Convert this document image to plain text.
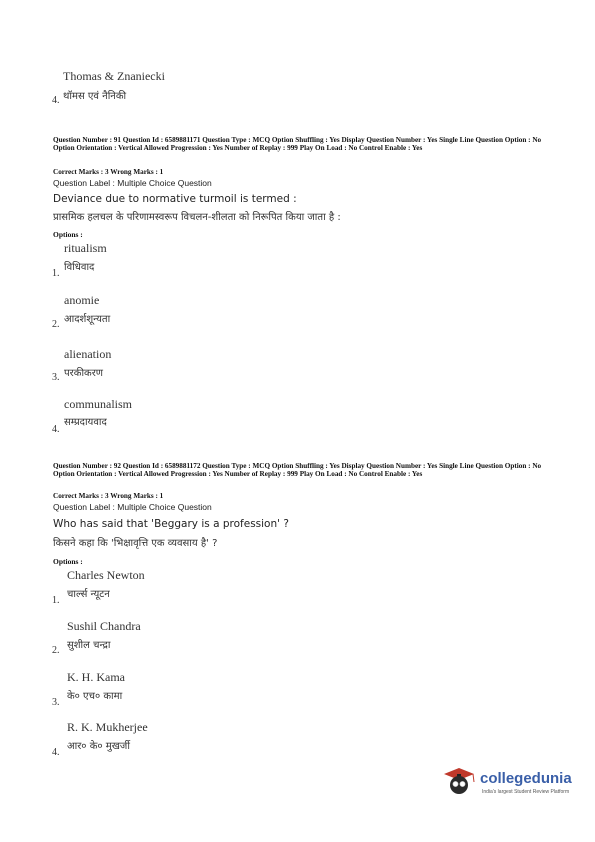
Thomas & Znaniecki
थॉमस एवं नैनिकी
4.
Question Number : 91 Question Id : 6589881171 Question Type : MCQ Option Shuffling : Yes Display Question Number : Yes Single Line Question Option : No Option Orientation : Vertical Allowed Progression : Yes Number of Replay : 999 Play On Load : No Control Enable : Yes
Correct Marks : 3 Wrong Marks : 1
Question Label : Multiple Choice Question
Deviance due to normative turmoil is termed :
प्रासमिक हलचल के परिणामस्वरूप विचलन-शीलता को निरूपित किया जाता है :
Options :
ritualism
विधिवाद
1.
anomie
आदर्शशून्यता
2.
alienation
परकीकरण
3.
communalism
सम्प्रदायवाद
4.
Question Number : 92 Question Id : 6589881172 Question Type : MCQ Option Shuffling : Yes Display Question Number : Yes Single Line Question Option : No Option Orientation : Vertical Allowed Progression : Yes Number of Replay : 999 Play On Load : No Control Enable : Yes
Correct Marks : 3 Wrong Marks : 1
Question Label : Multiple Choice Question
Who has said that 'Beggary is a profession' ?
किसने कहा कि 'भिक्षावृत्ति एक व्यवसाय है' ?
Options :
Charles Newton
चार्ल्स न्यूटन
1.
Sushil Chandra
सुशील चन्द्रा
2.
K. H. Kama
के० एच० कामा
3.
R. K. Mukherjee
आर० के० मुखर्जी
4.
collegedunia
India's largest Student Review Platform
